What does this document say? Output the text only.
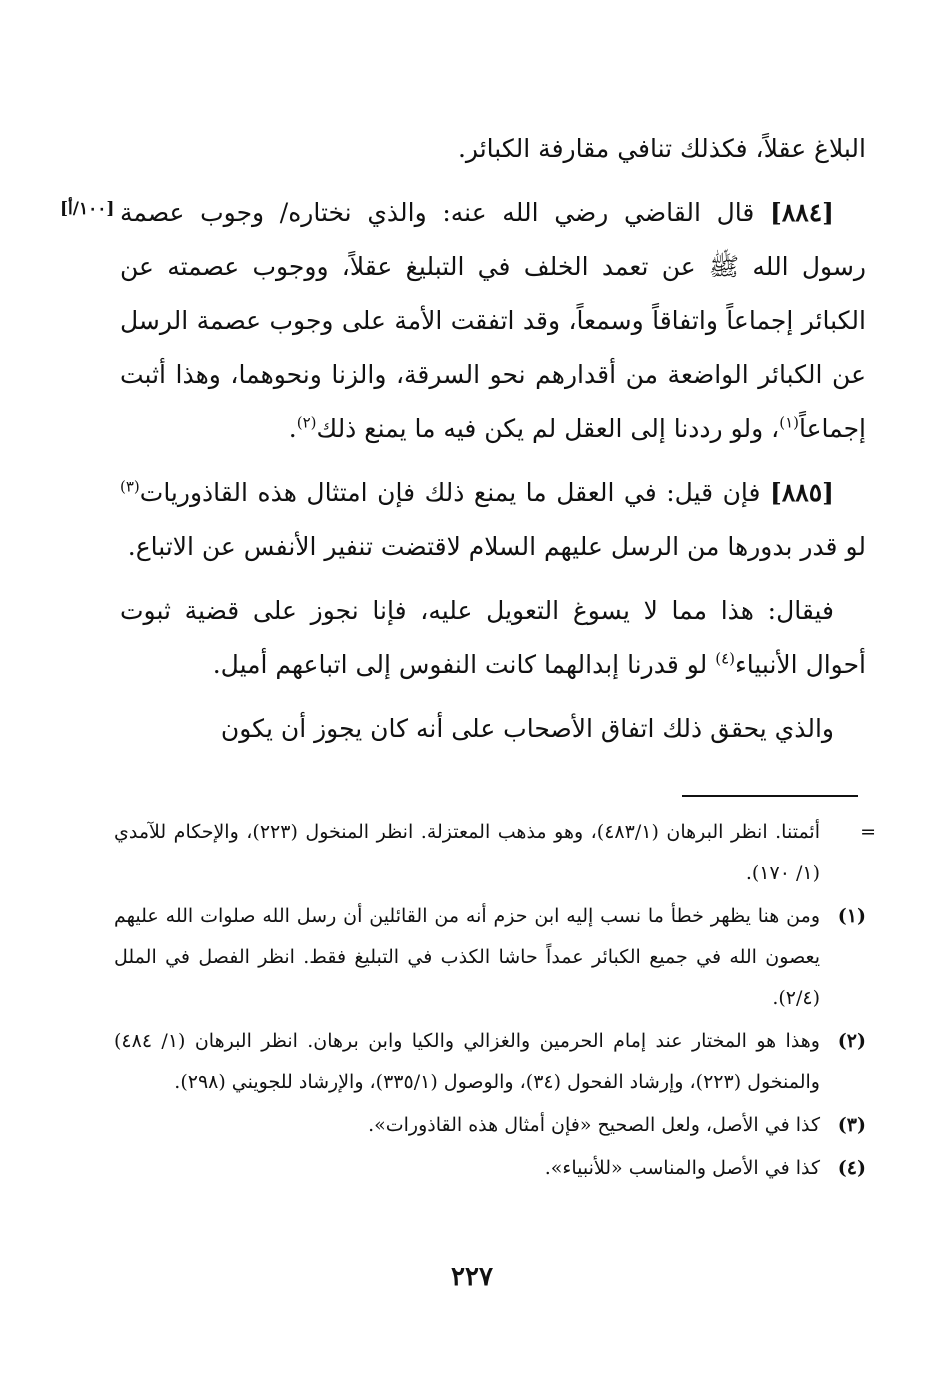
[١٠٠/أ]

البلاغ عقلاً، فكذلك تنافي مقارفة الكبائر.

[٨٨٤] قال القاضي رضي الله عنه: والذي نختاره/ وجوب عصمة رسول الله ﷺ عن تعمد الخلف في التبليغ عقلاً، ووجوب عصمته عن الكبائر إجماعاً واتفاقاً وسمعاً، وقد اتفقت الأمة على وجوب عصمة الرسل عن الكبائر الواضعة من أقدارهم نحو السرقة، والزنا ونحوهما، وهذا أثبت إجماعاً$^{(١)}$، ولو رددنا إلى العقل لم يكن فيه ما يمنع ذلك$^{(٢)}$.

[٨٨٥] فإن قيل: في العقل ما يمنع ذلك فإن امتثال هذه القاذوريات$^{(٣)}$ لو قدر بدورها من الرسل عليهم السلام لاقتضت تنفير الأنفس عن الاتباع.

فيقال: هذا مما لا يسوغ التعويل عليه، فإنا نجوز على قضية ثبوت أحوال الأنبياء$^{(٤)}$ لو قدرنا إبدالهما كانت النفوس إلى اتباعهم أميل.

والذي يحقق ذلك اتفاق الأصحاب على أنه كان يجوز أن يكون

=
أئمتنا. انظر البرهان (٤٨٣/١)، وهو مذهب المعتزلة. انظر المنخول (٢٢٣)، والإحكام للآمدي (١/ ١٧٠).
(١)
ومن هنا يظهر خطأ ما نسب إليه ابن حزم أنه من القائلين أن رسل الله صلوات الله عليهم يعصون الله في جميع الكبائر عمداً حاشا الكذب في التبليغ فقط. انظر الفصل في الملل (٢/٤).
(٢)
وهذا هو المختار عند إمام الحرمين والغزالي والكيا وابن برهان. انظر البرهان (١/ ٤٨٤) والمنخول (٢٢٣)، وإرشاد الفحول (٣٤)، والوصول (٣٣٥/١)، والإرشاد للجويني (٢٩٨).
(٣)
كذا في الأصل، ولعل الصحيح «فإن أمثال هذه القاذورات».
(٤)
كذا في الأصل والمناسب «للأنبياء».
٢٢٧
